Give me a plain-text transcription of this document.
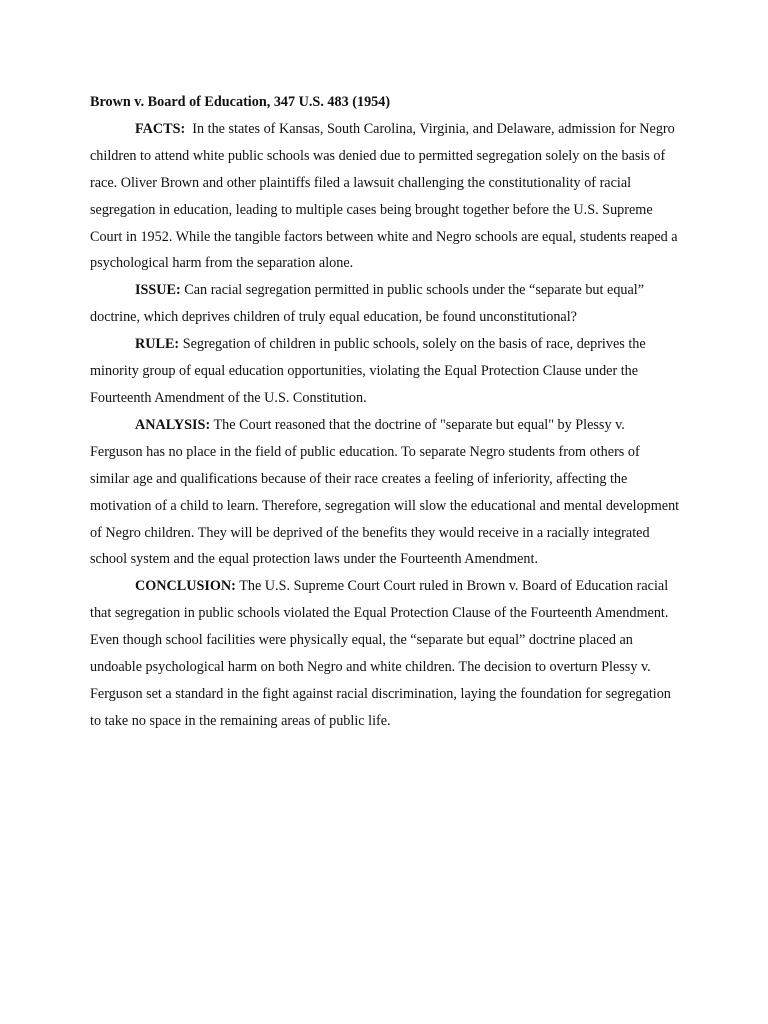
Brown v. Board of Education, 347 U.S. 483 (1954)

FACTS:  In the states of Kansas, South Carolina, Virginia, and Delaware, admission for Negro children to attend white public schools was denied due to permitted segregation solely on the basis of race. Oliver Brown and other plaintiffs filed a lawsuit challenging the constitutionality of racial segregation in education, leading to multiple cases being brought together before the U.S. Supreme Court in 1952. While the tangible factors between white and Negro schools are equal, students reaped a psychological harm from the separation alone.

ISSUE: Can racial segregation permitted in public schools under the “separate but equal” doctrine, which deprives children of truly equal education, be found unconstitutional?

RULE: Segregation of children in public schools, solely on the basis of race, deprives the minority group of equal education opportunities, violating the Equal Protection Clause under the Fourteenth Amendment of the U.S. Constitution.

ANALYSIS: The Court reasoned that the doctrine of "separate but equal" by Plessy v. Ferguson has no place in the field of public education. To separate Negro students from others of similar age and qualifications because of their race creates a feeling of inferiority, affecting the motivation of a child to learn. Therefore, segregation will slow the educational and mental development of Negro children. They will be deprived of the benefits they would receive in a racially integrated school system and the equal protection laws under the Fourteenth Amendment.

CONCLUSION: The U.S. Supreme Court Court ruled in Brown v. Board of Education racial that segregation in public schools violated the Equal Protection Clause of the Fourteenth Amendment. Even though school facilities were physically equal, the “separate but equal” doctrine placed an undoable psychological harm on both Negro and white children. The decision to overturn Plessy v. Ferguson set a standard in the fight against racial discrimination, laying the foundation for segregation to take no space in the remaining areas of public life.
